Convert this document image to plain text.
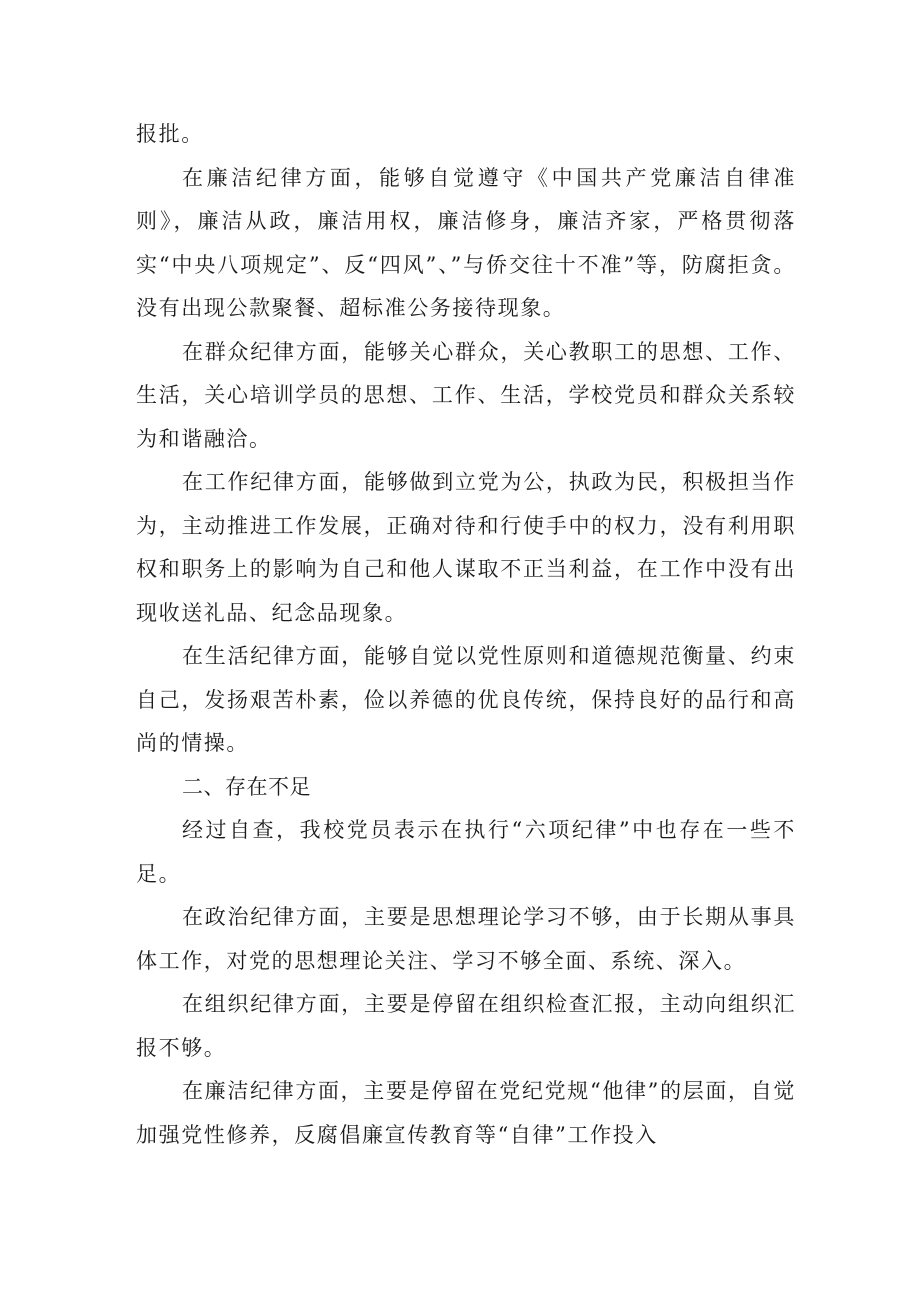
报批。

在廉洁纪律方面，能够自觉遵守《中国共产党廉洁自律准则》，廉洁从政，廉洁用权，廉洁修身，廉洁齐家，严格贯彻落实“中央八项规定”、反“四风”、”与侨交往十不准”等，防腐拒贪。没有出现公款聚餐、超标准公务接待现象。

在群众纪律方面，能够关心群众，关心教职工的思想、工作、生活，关心培训学员的思想、工作、生活，学校党员和群众关系较为和谐融洽。

在工作纪律方面，能够做到立党为公，执政为民，积极担当作为，主动推进工作发展，正确对待和行使手中的权力，没有利用职权和职务上的影响为自己和他人谋取不正当利益，在工作中没有出现收送礼品、纪念品现象。

在生活纪律方面，能够自觉以党性原则和道德规范衡量、约束自己，发扬艰苦朴素，俭以养德的优良传统，保持良好的品行和高尚的情操。

二、存在不足

经过自查，我校党员表示在执行“六项纪律”中也存在一些不足。

在政治纪律方面，主要是思想理论学习不够，由于长期从事具体工作，对党的思想理论关注、学习不够全面、系统、深入。

在组织纪律方面，主要是停留在组织检查汇报，主动向组织汇报不够。

在廉洁纪律方面，主要是停留在党纪党规“他律”的层面，自觉加强党性修养，反腐倡廉宣传教育等“自律”工作投入
